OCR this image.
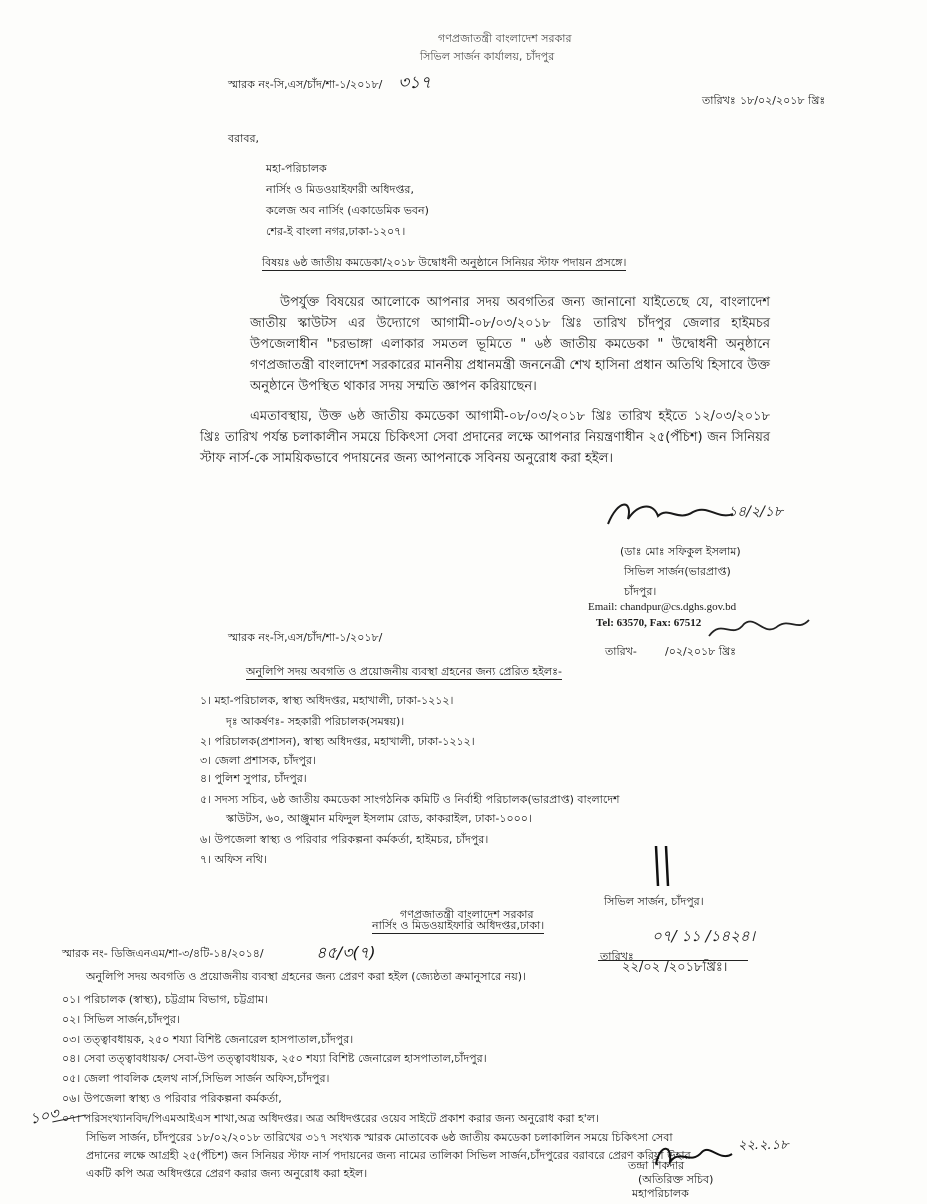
গণপ্রজাতন্ত্রী বাংলাদেশ সরকার
সিভিল সার্জন কার্যালয়, চাঁদপুর
স্মারক নং-সি,এস/চাঁদ/শা-১/২০১৮/ ৩১৭
তারিখঃ ১৮/০২/২০১৮ খ্রিঃ
বরাবর,
মহা-পরিচালক
নার্সিং ও মিডওয়াইফারী অধিদপ্তর,
কলেজ অব নার্সিং (একাডেমিক ভবন)
শের-ই বাংলা নগর,ঢাকা-১২০৭।
বিষয়ঃ ৬ষ্ঠ জাতীয় কমডেকা/২০১৮ উদ্বোধনী অনুষ্ঠানে সিনিয়র স্টাফ পদায়ন প্রসঙ্গে।
উপর্যুক্ত বিষয়ের আলোকে আপনার সদয় অবগতির জন্য জানানো যাইতেছে যে, বাংলাদেশ জাতীয় স্কাউটস এর উদ্যোগে আগামী-০৮/০৩/২০১৮ খ্রিঃ তারিখ চাঁদপুর জেলার হাইমচর উপজেলাধীন "চরভাঙ্গা এলাকার সমতল ভূমিতে " ৬ষ্ঠ জাতীয় কমডেকা " উদ্বোধনী অনুষ্ঠানে গণপ্রজাতন্ত্রী বাংলাদেশ সরকারের মাননীয় প্রধানমন্ত্রী জননেত্রী শেখ হাসিনা প্রধান অতিথি হিসাবে উক্ত অনুষ্ঠানে উপস্থিত থাকার সদয় সম্মতি জ্ঞাপন করিয়াছেন।
এমতাবস্থায়, উক্ত ৬ষ্ঠ জাতীয় কমডেকা আগামী-০৮/০৩/২০১৮ খ্রিঃ তারিখ হইতে ১২/০৩/২০১৮ খ্রিঃ তারিখ পর্যন্ত চলাকালীন সময়ে চিকিৎসা সেবা প্রদানের লক্ষে আপনার নিয়ন্ত্রণাধীন ২৫(পঁচিশ) জন সিনিয়র স্টাফ নার্স-কে সাময়িকভাবে পদায়নের জন্য আপনাকে সবিনয় অনুরোধ করা হইল।
১৪/২/১৮
(ডাঃ মোঃ সফিকুল ইসলাম)
সিভিল সার্জন(ভারপ্রাপ্ত)
চাঁদপুর।
Email: chandpur@cs.dghs.gov.bd
Tel: 63570, Fax: 67512
স্মারক নং-সি,এস/চাঁদ/শা-১/২০১৮/
তারিখ-	/০২/২০১৮ খ্রিঃ
অনুলিপি সদয় অবগতি ও প্রয়োজনীয় ব্যবস্থা গ্রহনের জন্য প্রেরিত হইলঃ-
১। মহা-পরিচালক, স্বাস্থ্য অধিদপ্তর, মহাখালী, ঢাকা-১২১২।
দৃঃ আকর্ষণঃ- সহকারী পরিচালক(সমন্বয়)।
২। পরিচালক(প্রশাসন), স্বাস্থ্য অধিদপ্তর, মহাখালী, ঢাকা-১২১২।
৩। জেলা প্রশাসক, চাঁদপুর।
৪। পুলিশ সুপার, চাঁদপুর।
৫। সদস্য সচিব, ৬ষ্ঠ জাতীয় কমডেকা সাংগঠনিক কমিটি ও নির্বাহী পরিচালক(ভারপ্রাপ্ত) বাংলাদেশ
স্কাউটস, ৬০, আঞ্জুমান মফিদুল ইসলাম রোড, কাকরাইল, ঢাকা-১০০০।
৬। উপজেলা স্বাস্থ্য ও পরিবার পরিকল্পনা কর্মকর্তা, হাইমচর, চাঁদপুর।
৭। অফিস নথি।
সিভিল সার্জন, চাঁদপুর।
গণপ্রজাতন্ত্রী বাংলাদেশ সরকার
নার্সিং ও মিডওয়াইফারি অধিদপ্তর,ঢাকা।
স্মারক নং- ডিজিএনএম/শা-৩/৪টি-১৪/২০১৪/	৪৫/৩(৭)	তারিখঃ
০৭/ ১১ /১৪২৪।
২২/০২ /২০১৮খ্রিঃ।
অনুলিপি সদয় অবগতি ও প্রয়োজনীয় ব্যবস্থা গ্রহনের জন্য প্রেরণ করা হইল (জ্যেষ্ঠতা ক্রমানুসারে নয়)।
০১। পরিচালক (স্বাস্থ্য), চট্টগ্রাম বিভাগ, চট্টগ্রাম।
০২। সিভিল সার্জন,চাঁদপুর।
০৩। তত্ত্বাবধায়ক, ২৫০ শয্যা বিশিষ্ট জেনারেল হাসপাতাল,চাঁদপুর।
০৪। সেবা তত্ত্বাবধায়ক/ সেবা-উপ তত্ত্বাবধায়ক, ২৫০ শয্যা বিশিষ্ট জেনারেল হাসপাতাল,চাঁদপুর।
০৫। জেলা পাবলিক হেলথ নার্স,সিভিল সার্জন অফিস,চাঁদপুর।
০৬। উপজেলা স্বাস্থ্য ও পরিবার পরিকল্পনা কর্মকর্তা,
০৭। পরিসংখ্যানবিদ/পিএমআইএস শাখা,অত্র অধিদপ্তর। অত্র অধিদপ্তরের ওয়েব সাইটে প্রকাশ করার জন্য অনুরোধ করা হ'ল।
সিভিল সার্জন, চাঁদপুরের ১৮/০২/২০১৮ তারিখের ৩১৭ সংখ্যক স্মারক মোতাবেক ৬ষ্ঠ জাতীয় কমডেকা চলাকালিন সময়ে চিকিৎসা সেবা
প্রদানের লক্ষে আগ্রহী ২৫(পঁচিশ) জন সিনিয়র স্টাফ নার্স পদায়নের জন্য নামের তালিকা সিভিল সার্জন,চাঁদপুরের বরাবরে প্রেরণ করিয়া উহার
একটি কপি অত্র অধিদপ্তরে প্রেরণ করার জন্য অনুরোধ করা হইল।
১০৩
২২.২.১৮
তন্দ্রা শিকদার
(অতিরিক্ত সচিব)
মহাপরিচালক
